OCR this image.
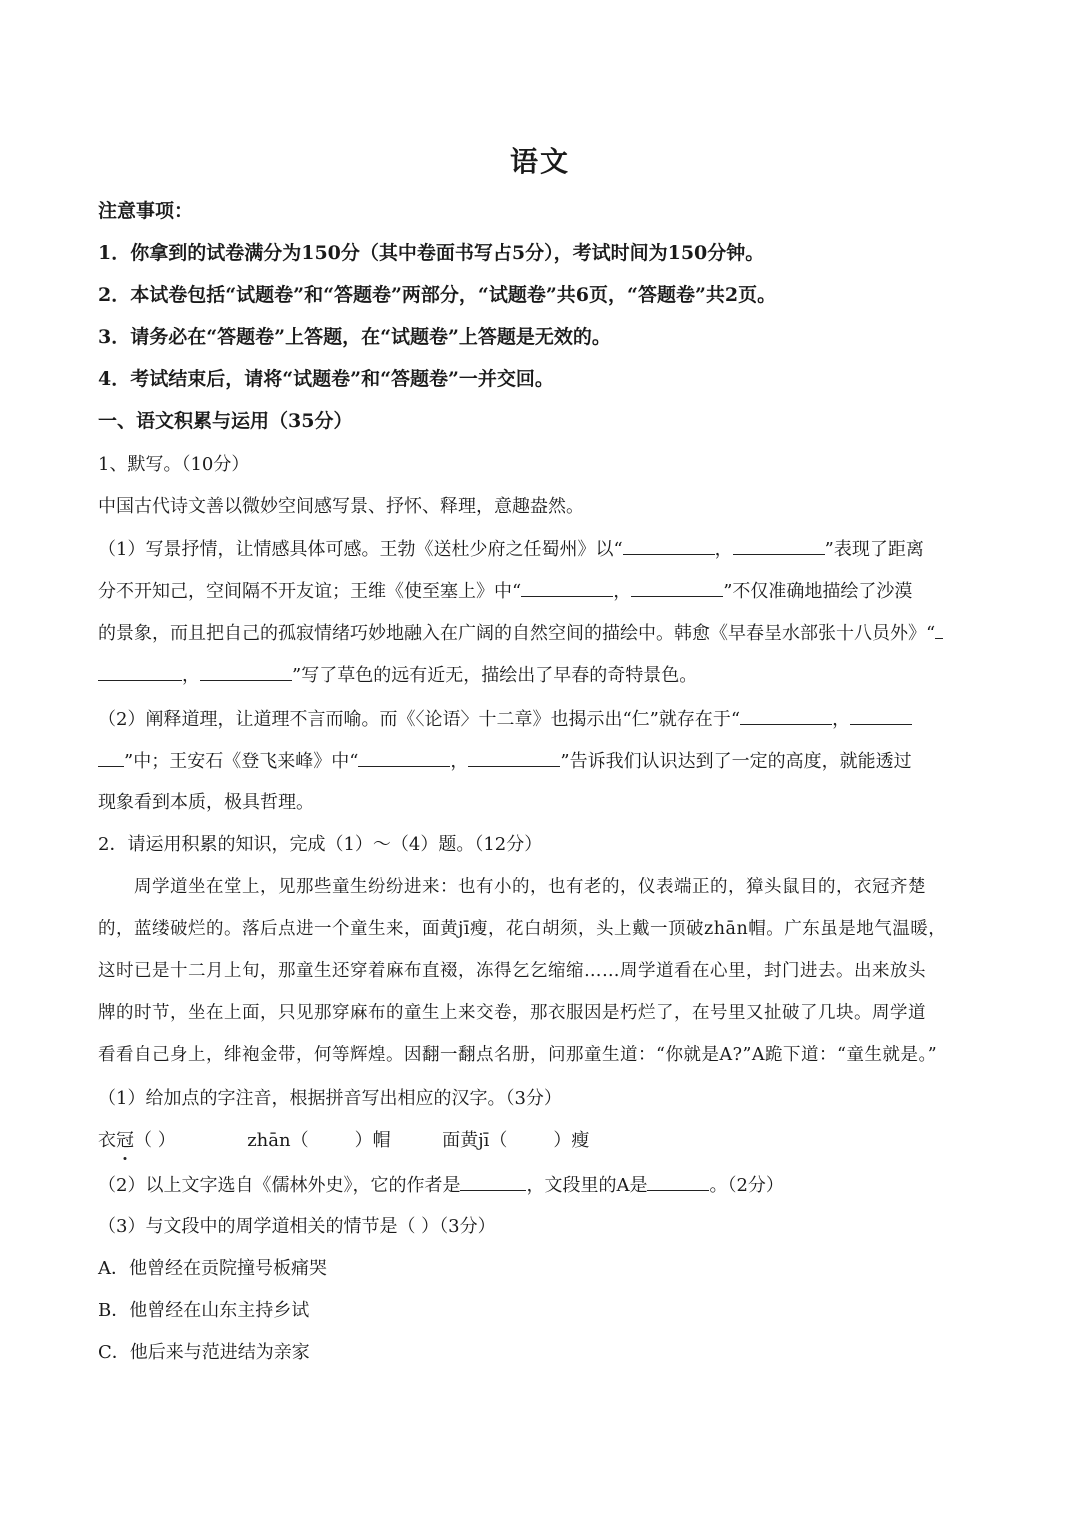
语文
注意事项：
1．你拿到的试卷满分为150分（其中卷面书写占5分），考试时间为150分钟。
2．本试卷包括“试题卷”和“答题卷”两部分，“试题卷”共6页，“答题卷”共2页。
3．请务必在“答题卷”上答题，在“试题卷”上答题是无效的。
4．考试结束后，请将“试题卷”和“答题卷”一并交回。
一、语文积累与运用（35分）
1、默写。（10分）
中国古代诗文善以微妙空间感写景、抒怀、释理，意趣盎然。
（1）写景抒情，让情感具体可感。王勃《送杜少府之任蜀州》以“	，	”表现了距离
分不开知己，空间隔不开友谊；王维《使至塞上》中“	，	”不仅准确地描绘了沙漠
的景象，而且把自己的孤寂情绪巧妙地融入在广阔的自然空间的描绘中。韩愈《早春呈水部张十八员外》“
，	”写了草色的远有近无，描绘出了早春的奇特景色。
（2）阐释道理，让道理不言而喻。而《〈论语〉十二章》也揭示出“仁”就存在于“	，
”中；王安石《登飞来峰》中“	，	”告诉我们认识达到了一定的高度，就能透过
现象看到本质，极具哲理。
2．请运用积累的知识，完成（1）～（4）题。（12分）
周学道坐在堂上，见那些童生纷纷进来：也有小的，也有老的，仪表端正的，獐头鼠目的，衣冠齐楚
的，蓝缕破烂的。落后点进一个童生来，面黄jī瘦，花白胡须，头上戴一顶破zhān帽。广东虽是地气温暖，
这时已是十二月上旬，那童生还穿着麻布直裰，冻得乞乞缩缩……周学道看在心里，封门进去。出来放头
牌的时节，坐在上面，只见那穿麻布的童生上来交卷，那衣服因是朽烂了，在号里又扯破了几块。周学道
看看自己身上，绯袍金带，何等辉煌。因翻一翻点名册，问那童生道：“你就是A?”A跪下道：“童生就是。”
（1）给加点的字注音，根据拼音写出相应的汉字。（3分）
衣冠（ ）	zhān（	）帽	面黄jī（	）瘦
（2）以上文字选自《儒林外史》，它的作者是	，文段里的A是	。（2分）
（3）与文段中的周学道相关的情节是（ ）（3分）
A．他曾经在贡院撞号板痛哭
B．他曾经在山东主持乡试
C．他后来与范进结为亲家
